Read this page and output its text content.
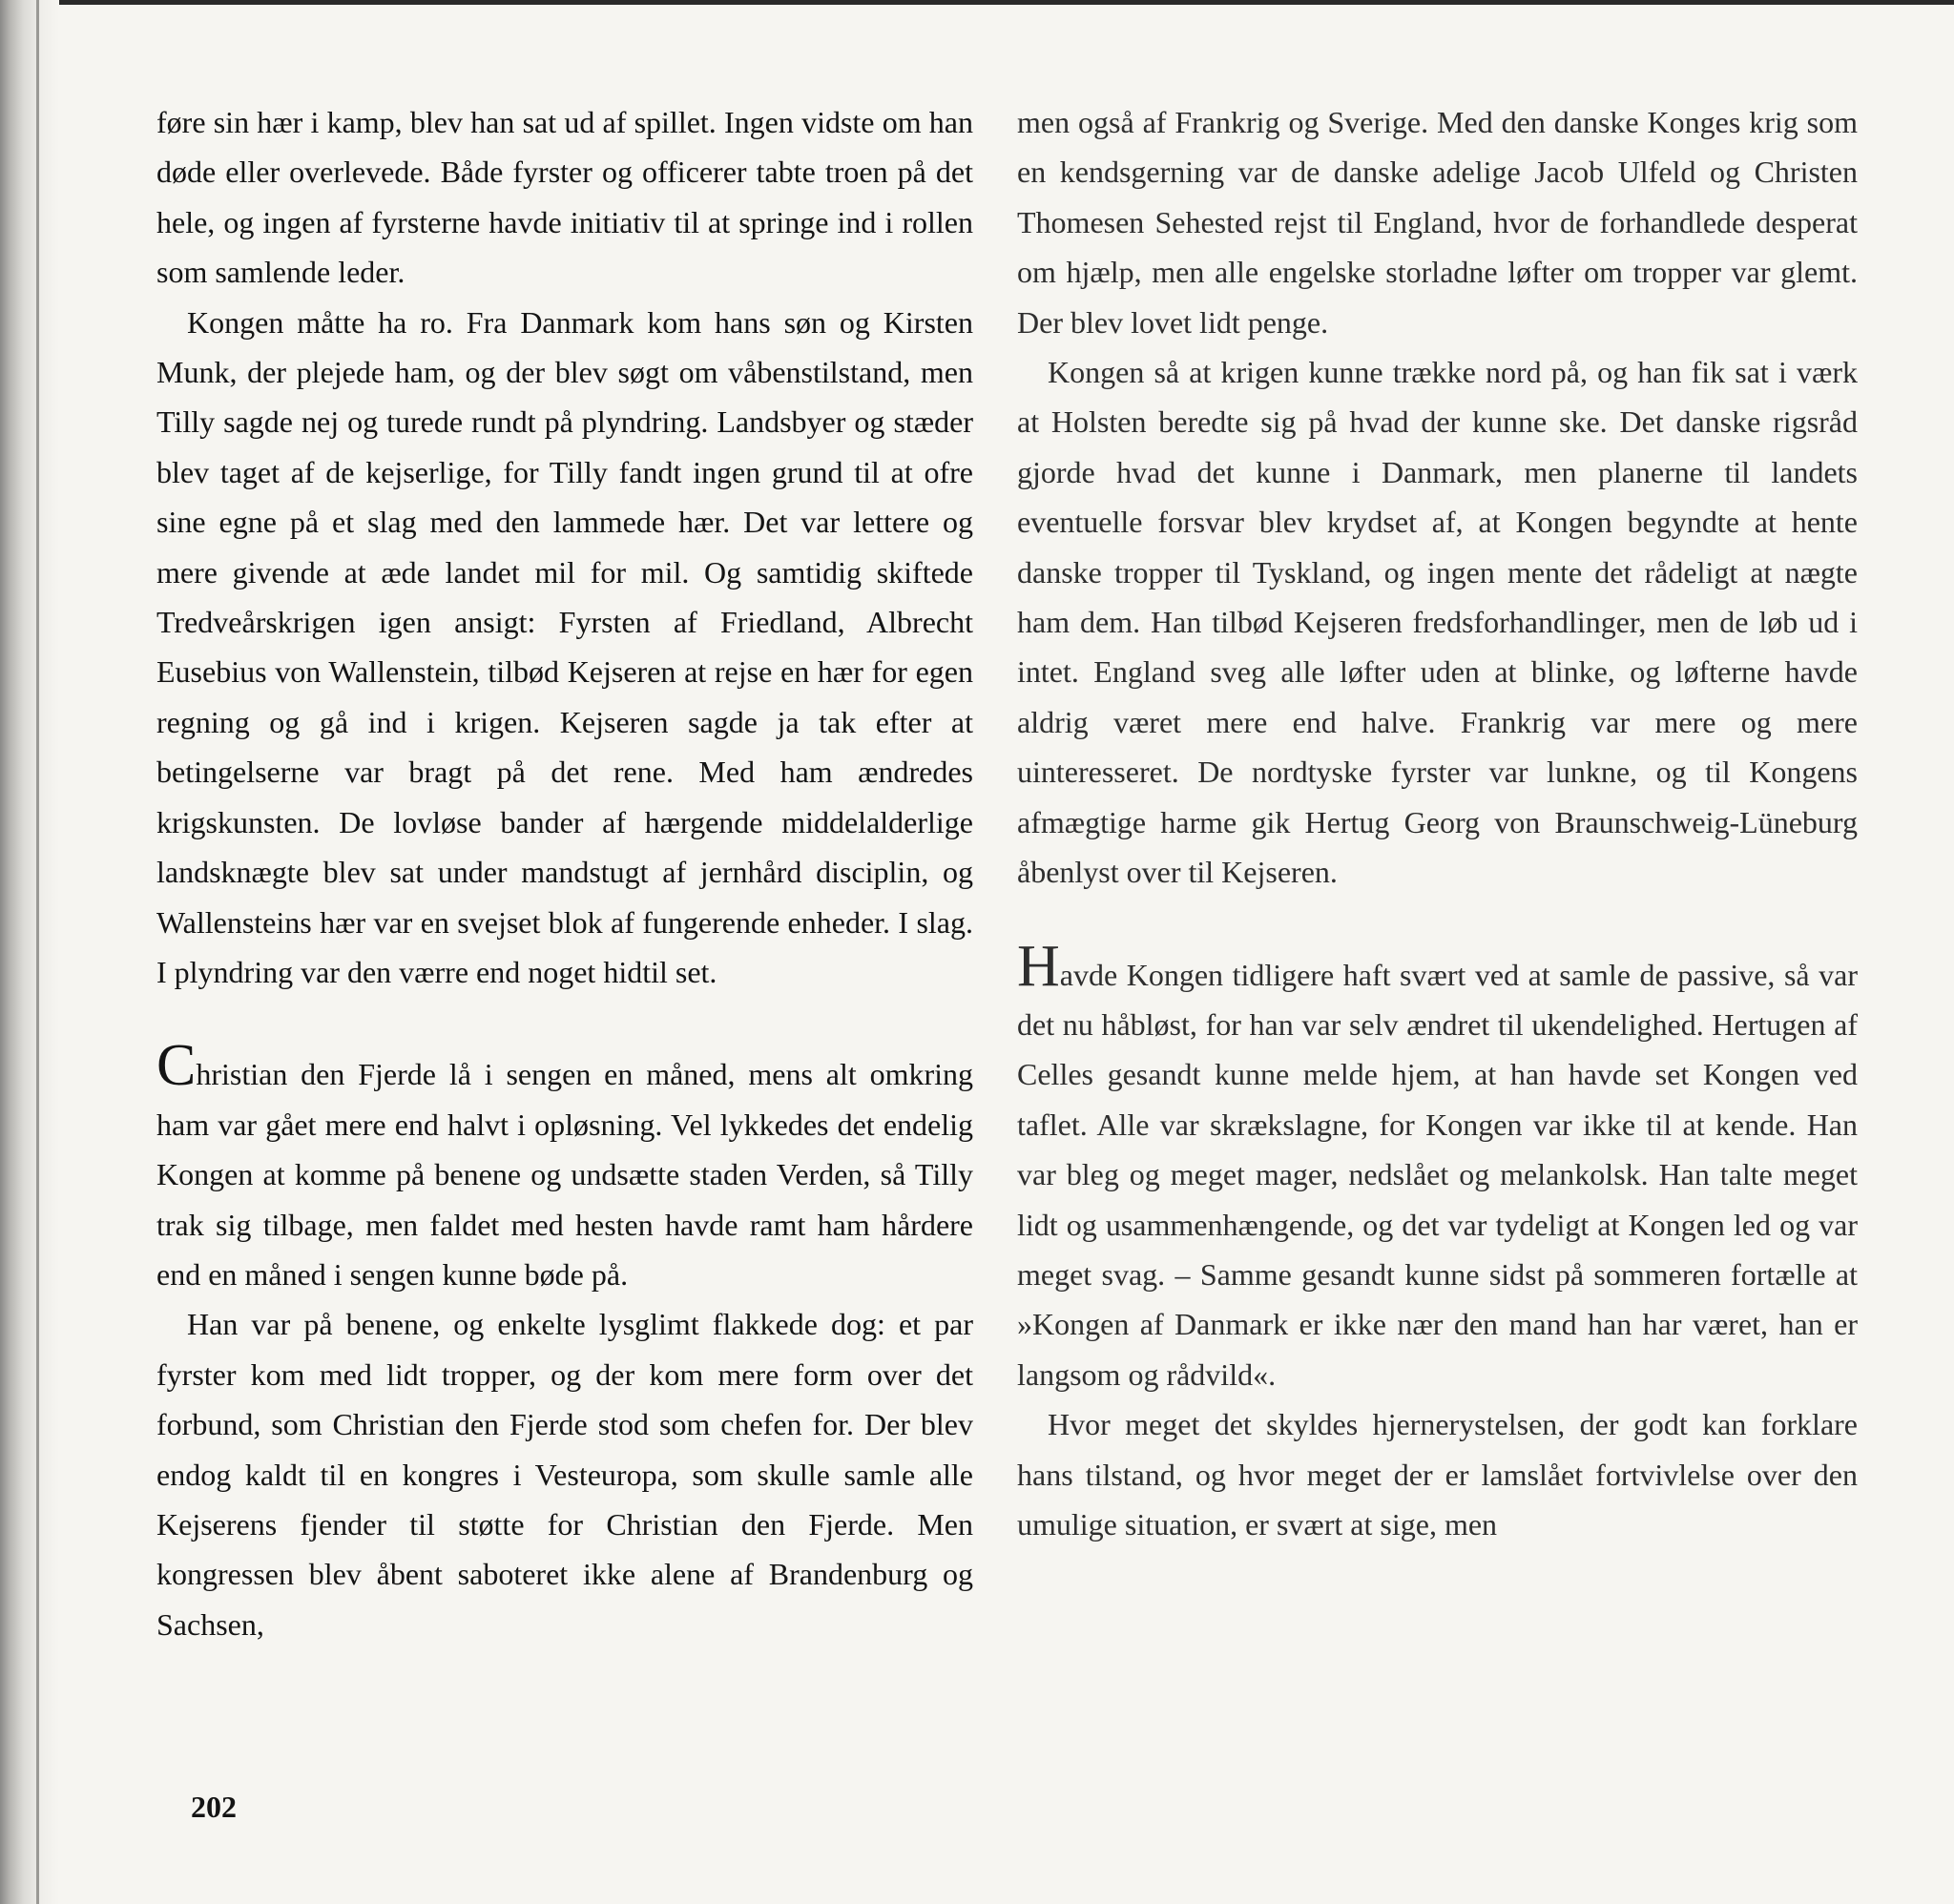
føre sin hær i kamp, blev han sat ud af spillet. Ingen vidste om han døde eller overlevede. Både fyrster og officerer tabte troen på det hele, og ingen af fyrsterne havde initiativ til at springe ind i rollen som samlende leder.

Kongen måtte ha ro. Fra Danmark kom hans søn og Kirsten Munk, der plejede ham, og der blev søgt om våbenstilstand, men Tilly sagde nej og turede rundt på plyndring. Landsbyer og stæder blev taget af de kejserlige, for Tilly fandt ingen grund til at ofre sine egne på et slag med den lammede hær. Det var lettere og mere givende at æde landet mil for mil. Og samtidig skiftede Tredveårskrigen igen ansigt: Fyrsten af Friedland, Albrecht Eusebius von Wallenstein, tilbød Kejseren at rejse en hær for egen regning og gå ind i krigen. Kejseren sagde ja tak efter at betingelserne var bragt på det rene. Med ham ændredes krigskunsten. De lovløse bander af hærgende middelalderlige landsknægte blev sat under mandstugt af jernhård disciplin, og Wallensteins hær var en svejset blok af fungerende enheder. I slag. I plyndring var den værre end noget hidtil set.

Christian den Fjerde lå i sengen en måned, mens alt omkring ham var gået mere end halvt i opløsning. Vel lykkedes det endelig Kongen at komme på benene og undsætte staden Verden, så Tilly trak sig tilbage, men faldet med hesten havde ramt ham hårdere end en måned i sengen kunne bøde på.

Han var på benene, og enkelte lysglimt flakkede dog: et par fyrster kom med lidt tropper, og der kom mere form over det forbund, som Christian den Fjerde stod som chefen for. Der blev endog kaldt til en kongres i Vesteuropa, som skulle samle alle Kejserens fjender til støtte for Christian den Fjerde. Men kongressen blev åbent saboteret ikke alene af Brandenburg og Sachsen,

men også af Frankrig og Sverige. Med den danske Konges krig som en kendsgerning var de danske adelige Jacob Ulfeld og Christen Thomesen Sehested rejst til England, hvor de forhandlede desperat om hjælp, men alle engelske storladne løfter om tropper var glemt. Der blev lovet lidt penge.

Kongen så at krigen kunne trække nord på, og han fik sat i værk at Holsten beredte sig på hvad der kunne ske. Det danske rigsråd gjorde hvad det kunne i Danmark, men planerne til landets eventuelle forsvar blev krydset af, at Kongen begyndte at hente danske tropper til Tyskland, og ingen mente det rådeligt at nægte ham dem. Han tilbød Kejseren fredsforhandlinger, men de løb ud i intet. England sveg alle løfter uden at blinke, og løfterne havde aldrig været mere end halve. Frankrig var mere og mere uinteresseret. De nordtyske fyrster var lunkne, og til Kongens afmægtige harme gik Hertug Georg von Braunschweig-Lüneburg åbenlyst over til Kejseren.

Havde Kongen tidligere haft svært ved at samle de passive, så var det nu håbløst, for han var selv ændret til ukendelighed. Hertugen af Celles gesandt kunne melde hjem, at han havde set Kongen ved taflet. Alle var skrækslagne, for Kongen var ikke til at kende. Han var bleg og meget mager, nedslået og melankolsk. Han talte meget lidt og usammenhængende, og det var tydeligt at Kongen led og var meget svag. – Samme gesandt kunne sidst på sommeren fortælle at »Kongen af Danmark er ikke nær den mand han har været, han er langsom og rådvild«.

Hvor meget det skyldes hjernerystelsen, der godt kan forklare hans tilstand, og hvor meget der er lamslået fortvivlelse over den umulige situation, er svært at sige, men

202
